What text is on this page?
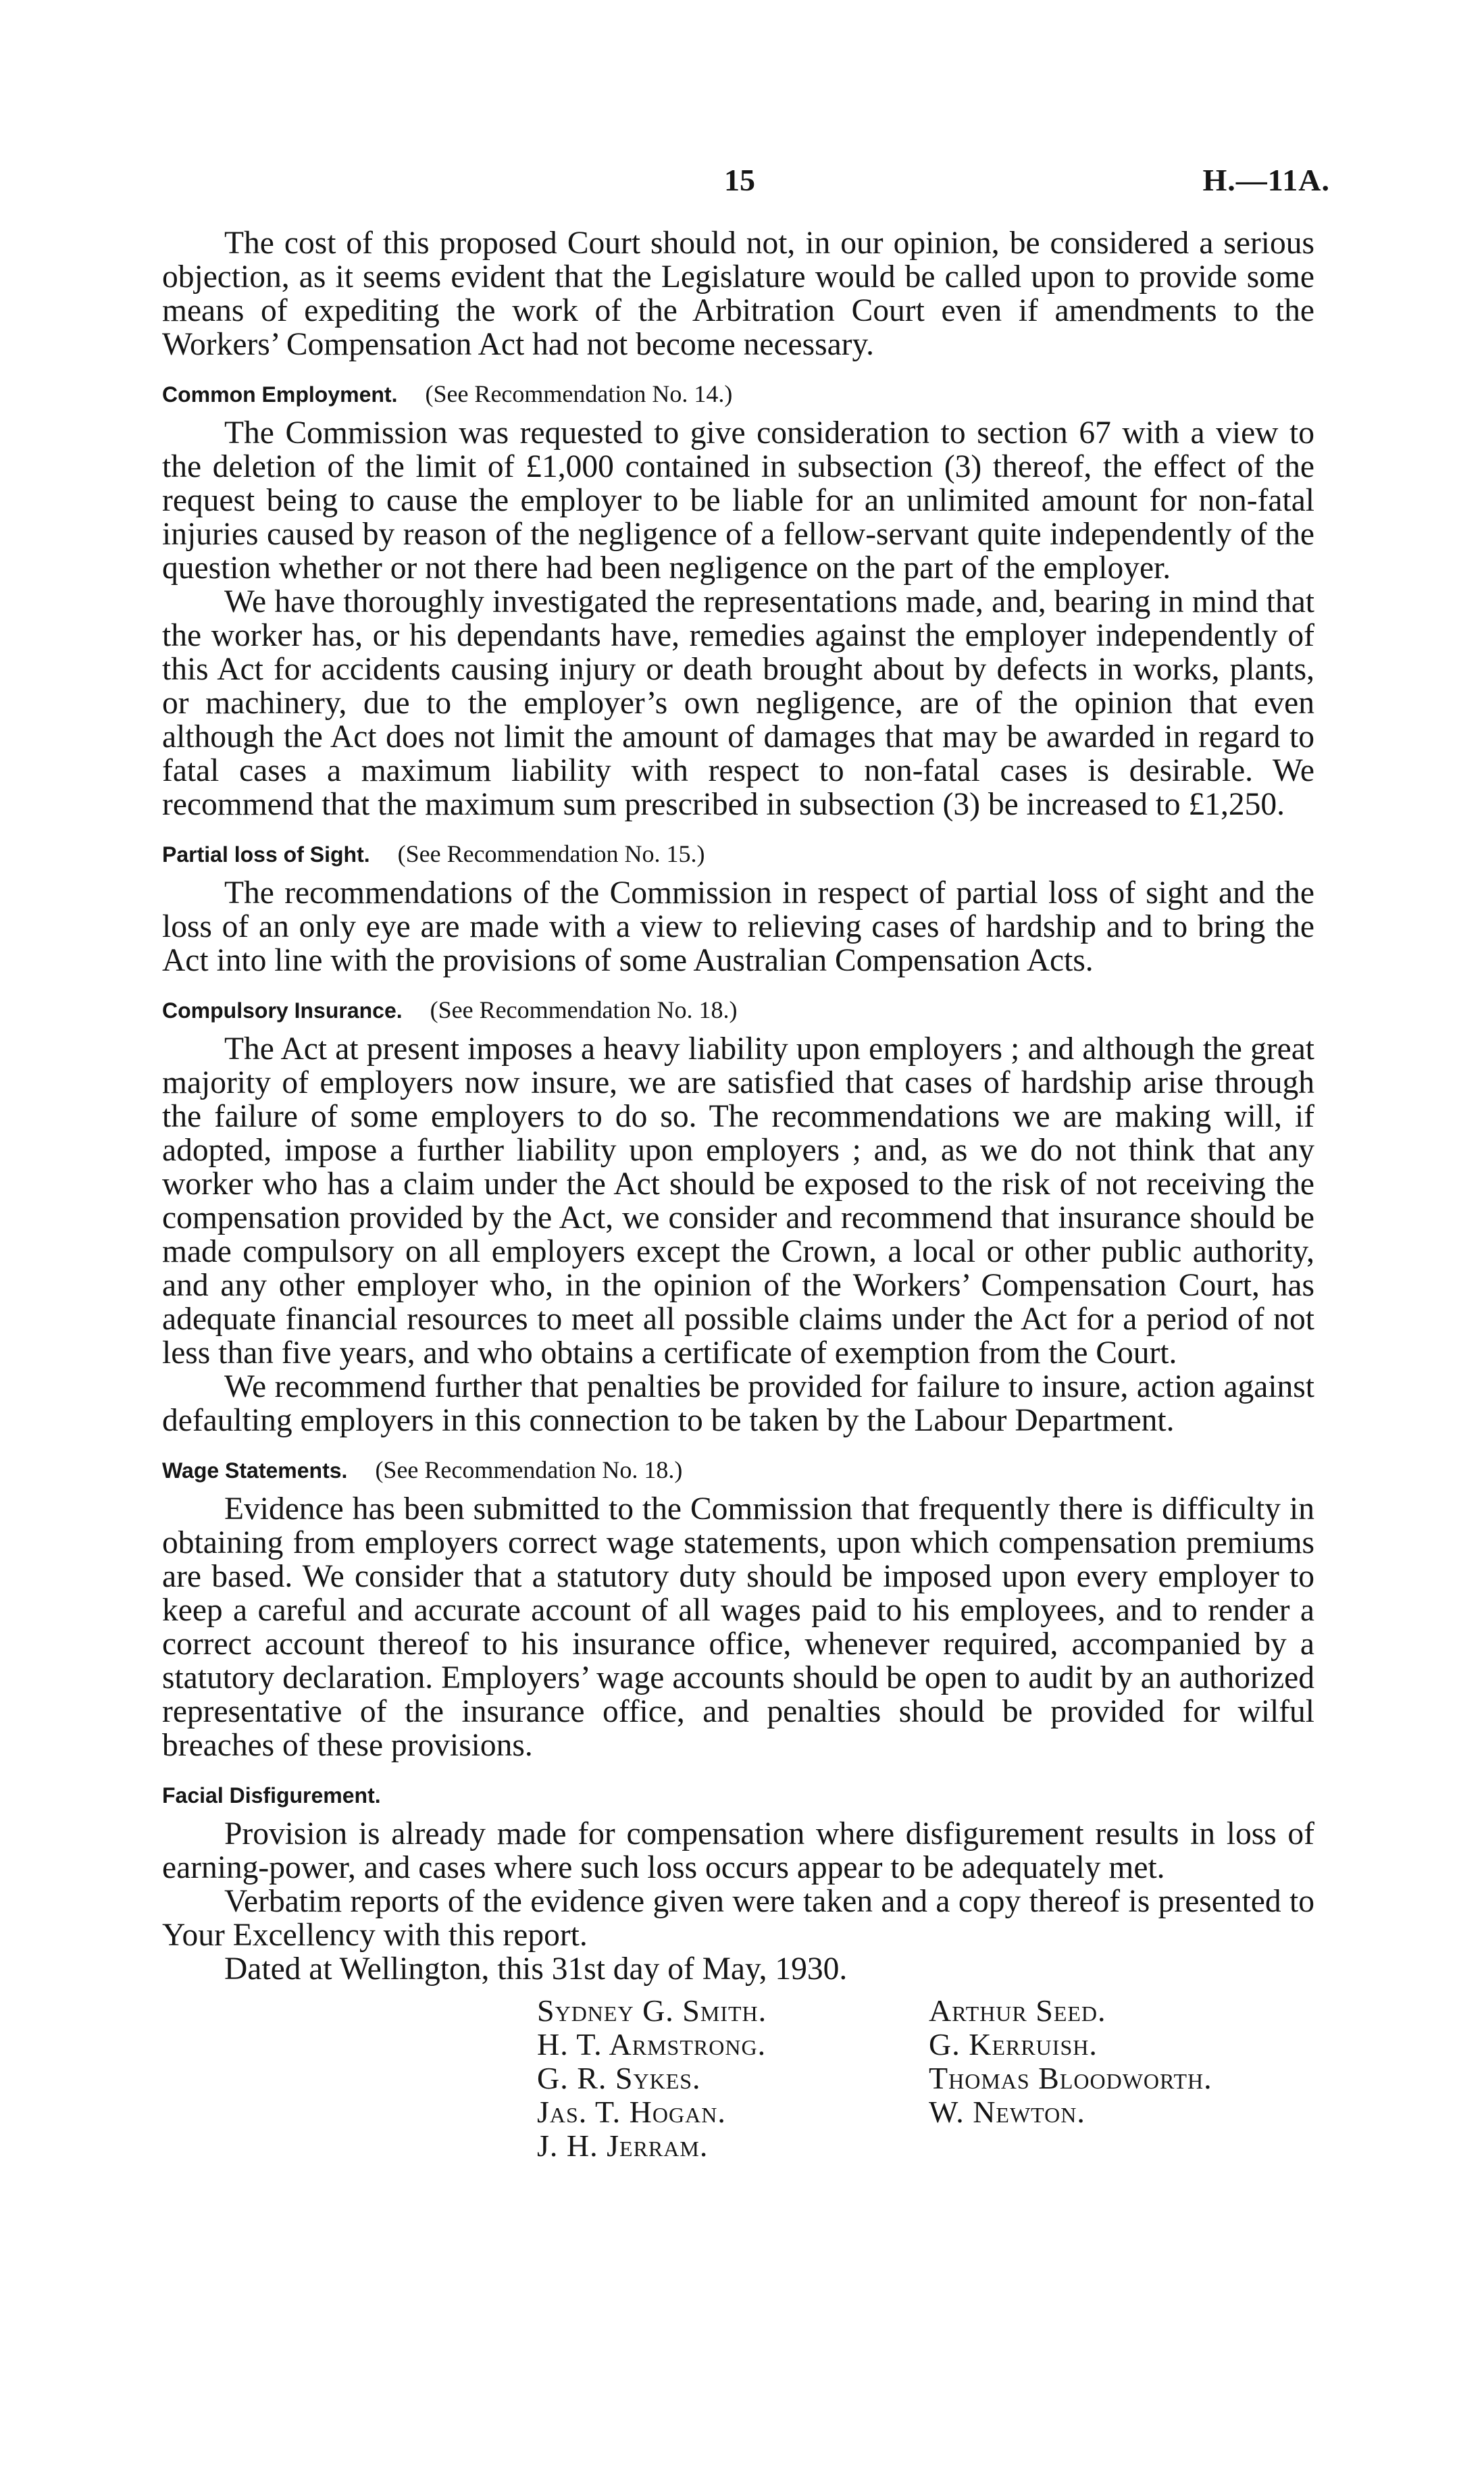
15	H.—11A.

The cost of this proposed Court should not, in our opinion, be considered a serious objection, as it seems evident that the Legislature would be called upon to provide some means of expediting the work of the Arbitration Court even if amendments to the Workers’ Compensation Act had not become necessary.

Common Employment. (See Recommendation No. 14.)

The Commission was requested to give consideration to section 67 with a view to the deletion of the limit of £1,000 contained in subsection (3) thereof, the effect of the request being to cause the employer to be liable for an unlimited amount for non-fatal injuries caused by reason of the negligence of a fellow-servant quite independently of the question whether or not there had been negligence on the part of the employer.

We have thoroughly investigated the representations made, and, bearing in mind that the worker has, or his dependants have, remedies against the employer independently of this Act for accidents causing injury or death brought about by defects in works, plants, or machinery, due to the employer’s own negligence, are of the opinion that even although the Act does not limit the amount of damages that may be awarded in regard to fatal cases a maximum liability with respect to non-fatal cases is desirable. We recommend that the maximum sum prescribed in subsection (3) be increased to £1,250.

Partial loss of Sight. (See Recommendation No. 15.)

The recommendations of the Commission in respect of partial loss of sight and the loss of an only eye are made with a view to relieving cases of hardship and to bring the Act into line with the provisions of some Australian Compensation Acts.

Compulsory Insurance. (See Recommendation No. 18.)

The Act at present imposes a heavy liability upon employers ; and although the great majority of employers now insure, we are satisfied that cases of hardship arise through the failure of some employers to do so. The recommendations we are making will, if adopted, impose a further liability upon employers ; and, as we do not think that any worker who has a claim under the Act should be exposed to the risk of not receiving the compensation provided by the Act, we consider and recommend that insurance should be made compulsory on all employers except the Crown, a local or other public authority, and any other employer who, in the opinion of the Workers’ Compensation Court, has adequate financial resources to meet all possible claims under the Act for a period of not less than five years, and who obtains a certificate of exemption from the Court.

We recommend further that penalties be provided for failure to insure, action against defaulting employers in this connection to be taken by the Labour Department.

Wage Statements. (See Recommendation No. 18.)

Evidence has been submitted to the Commission that frequently there is difficulty in obtaining from employers correct wage statements, upon which compensation premiums are based. We consider that a statutory duty should be imposed upon every employer to keep a careful and accurate account of all wages paid to his employees, and to render a correct account thereof to his insurance office, whenever required, accompanied by a statutory declaration. Employers’ wage accounts should be open to audit by an authorized representative of the insurance office, and penalties should be provided for wilful breaches of these provisions.

Facial Disfigurement.

Provision is already made for compensation where disfigurement results in loss of earning-power, and cases where such loss occurs appear to be adequately met.

Verbatim reports of the evidence given were taken and a copy thereof is presented to Your Excellency with this report.

Dated at Wellington, this 31st day of May, 1930.

Sydney G. Smith.
H. T. Armstrong.
G. R. Sykes.
Jas. T. Hogan.
J. H. Jerram.
Arthur Seed.
G. Kerruish.
Thomas Bloodworth.
W. Newton.
